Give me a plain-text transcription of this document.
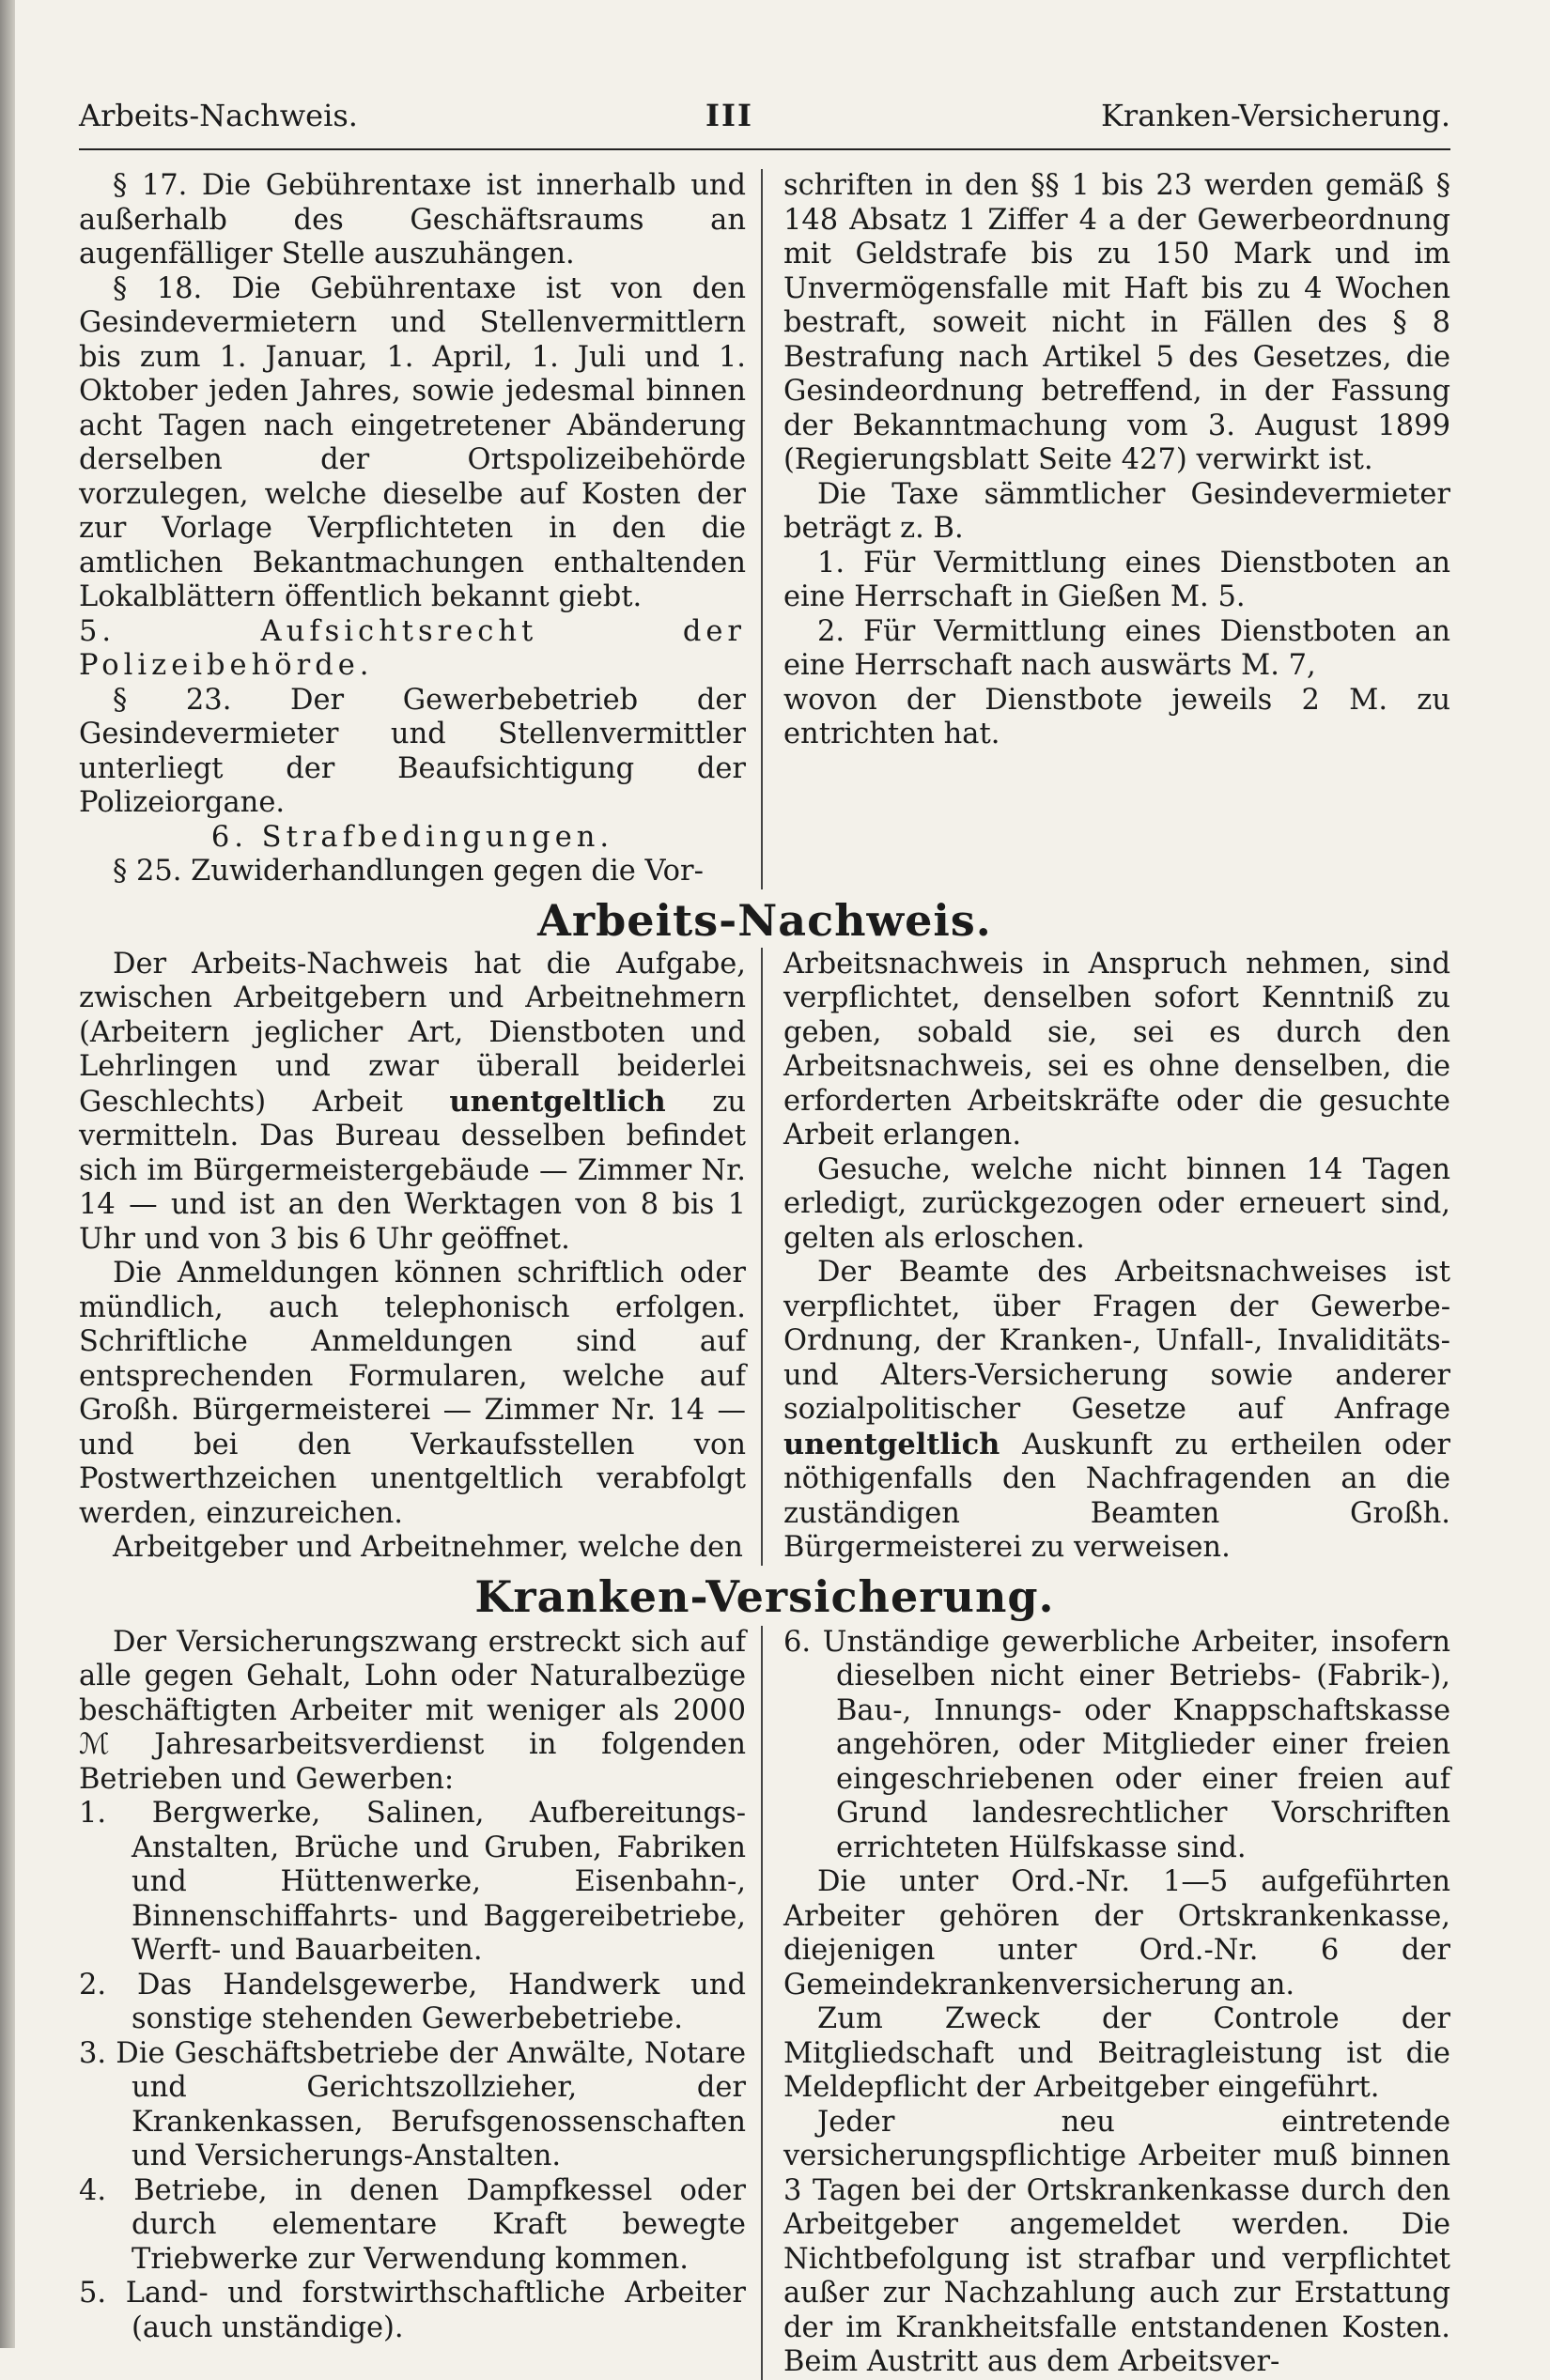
Arbeits-Nachweis.	III	Kranken-Versicherung.

§ 17. Die Gebührentaxe ist innerhalb und außerhalb des Geschäftsraums an augenfälliger Stelle auszuhängen.

§ 18. Die Gebührentaxe ist von den Gesindevermietern und Stellenvermittlern bis zum 1. Januar, 1. April, 1. Juli und 1. Oktober jeden Jahres, sowie jedesmal binnen acht Tagen nach eingetretener Abänderung derselben der Ortspolizeibehörde vorzulegen, welche dieselbe auf Kosten der zur Vorlage Verpflichteten in den die amtlichen Bekantmachungen enthaltenden Lokalblättern öffentlich bekannt giebt.

5. Aufsichtsrecht der Polizeibehörde.

§ 23. Der Gewerbebetrieb der Gesindevermieter und Stellenvermittler unterliegt der Beaufsichtigung der Polizeiorgane.

6. Strafbedingungen.

§ 25. Zuwiderhandlungen gegen die Vor-

schriften in den §§ 1 bis 23 werden gemäß § 148 Absatz 1 Ziffer 4 a der Gewerbeordnung mit Geldstrafe bis zu 150 Mark und im Unvermögensfalle mit Haft bis zu 4 Wochen bestraft, soweit nicht in Fällen des § 8 Bestrafung nach Artikel 5 des Gesetzes, die Gesindeordnung betreffend, in der Fassung der Bekanntmachung vom 3. August 1899 (Regierungsblatt Seite 427) verwirkt ist.

Die Taxe sämmtlicher Gesindevermieter beträgt z. B.

1. Für Vermittlung eines Dienstboten an eine Herrschaft in Gießen M. 5.

2. Für Vermittlung eines Dienstboten an eine Herrschaft nach auswärts M. 7,

wovon der Dienstbote jeweils 2 M. zu entrichten hat.

Arbeits-Nachweis.

Der Arbeits-Nachweis hat die Aufgabe, zwischen Arbeitgebern und Arbeitnehmern (Arbeitern jeglicher Art, Dienstboten und Lehrlingen und zwar überall beiderlei Geschlechts) Arbeit unentgeltlich zu vermitteln. Das Bureau desselben befindet sich im Bürgermeistergebäude — Zimmer Nr. 14 — und ist an den Werktagen von 8 bis 1 Uhr und von 3 bis 6 Uhr geöffnet.

Die Anmeldungen können schriftlich oder mündlich, auch telephonisch erfolgen. Schriftliche Anmeldungen sind auf entsprechenden Formularen, welche auf Großh. Bürgermeisterei — Zimmer Nr. 14 — und bei den Verkaufsstellen von Postwerthzeichen unentgeltlich verabfolgt werden, einzureichen.

Arbeitgeber und Arbeitnehmer, welche den

Arbeitsnachweis in Anspruch nehmen, sind verpflichtet, denselben sofort Kenntniß zu geben, sobald sie, sei es durch den Arbeitsnachweis, sei es ohne denselben, die erforderten Arbeitskräfte oder die gesuchte Arbeit erlangen.

Gesuche, welche nicht binnen 14 Tagen erledigt, zurückgezogen oder erneuert sind, gelten als erloschen.

Der Beamte des Arbeitsnachweises ist verpflichtet, über Fragen der Gewerbe-Ordnung, der Kranken-, Unfall-, Invaliditäts- und Alters-Versicherung sowie anderer sozialpolitischer Gesetze auf Anfrage unentgeltlich Auskunft zu ertheilen oder nöthigenfalls den Nachfragenden an die zuständigen Beamten Großh. Bürgermeisterei zu verweisen.

Kranken-Versicherung.

Der Versicherungszwang erstreckt sich auf alle gegen Gehalt, Lohn oder Naturalbezüge beschäftigten Arbeiter mit weniger als 2000 ℳ Jahresarbeitsverdienst in folgenden Betrieben und Gewerben:

1. Bergwerke, Salinen, Aufbereitungs-Anstalten, Brüche und Gruben, Fabriken und Hüttenwerke, Eisenbahn-, Binnenschiffahrts- und Baggereibetriebe, Werft- und Bauarbeiten.

2. Das Handelsgewerbe, Handwerk und sonstige stehenden Gewerbebetriebe.

3. Die Geschäftsbetriebe der Anwälte, Notare und Gerichtszollzieher, der Krankenkassen, Berufsgenossenschaften und Versicherungs-Anstalten.

4. Betriebe, in denen Dampfkessel oder durch elementare Kraft bewegte Triebwerke zur Verwendung kommen.

5. Land- und forstwirthschaftliche Arbeiter (auch unständige).

6. Unständige gewerbliche Arbeiter, insofern dieselben nicht einer Betriebs- (Fabrik-), Bau-, Innungs- oder Knappschaftskasse angehören, oder Mitglieder einer freien eingeschriebenen oder einer freien auf Grund landesrechtlicher Vorschriften errichteten Hülfskasse sind.

Die unter Ord.-Nr. 1—5 aufgeführten Arbeiter gehören der Ortskrankenkasse, diejenigen unter Ord.-Nr. 6 der Gemeindekrankenversicherung an.

Zum Zweck der Controle der Mitgliedschaft und Beitragleistung ist die Meldepflicht der Arbeitgeber eingeführt.

Jeder neu eintretende versicherungspflichtige Arbeiter muß binnen 3 Tagen bei der Ortskrankenkasse durch den Arbeitgeber angemeldet werden. Die Nichtbefolgung ist strafbar und verpflichtet außer zur Nachzahlung auch zur Erstattung der im Krankheitsfalle entstandenen Kosten. Beim Austritt aus dem Arbeitsver-
